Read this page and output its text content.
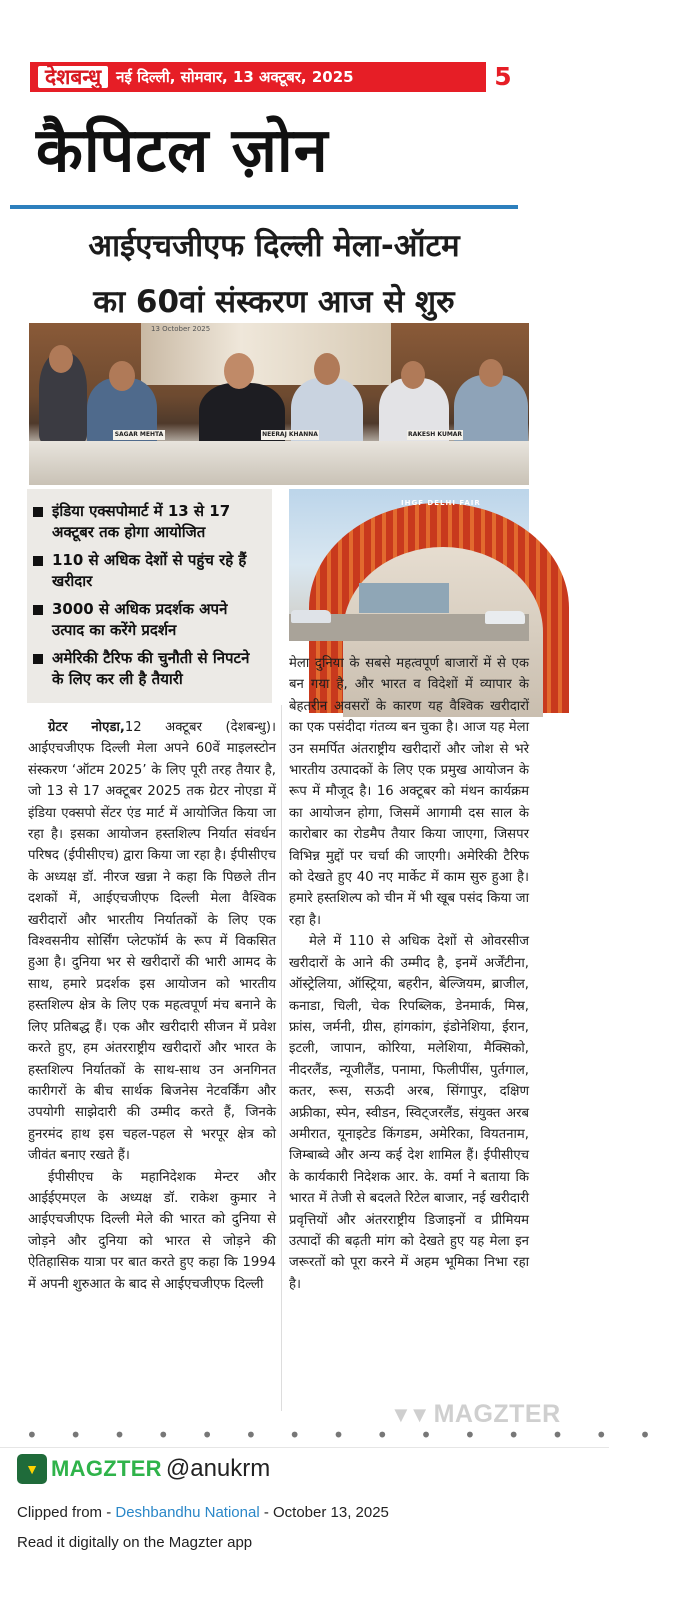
देशबन्धु	नई दिल्ली, सोमवार, 13 अक्टूबर, 2025	5
कैपिटल ज़ोन
आईएचजीएफ दिल्ली मेला-ऑटम
का 60वां संस्करण आज से शुरु
13 October 2025
SAGAR MEHTA	NEERAJ KHANNA	RAKESH KUMAR
इंडिया एक्सपोमार्ट में 13 से 17 अक्टूबर तक होगा आयोजित
110 से अधिक देशों से पहुंच रहे हैं खरीदार
3000 से अधिक प्रदर्शक अपने उत्पाद का करेंगे प्रदर्शन
अमेरिकी टैरिफ की चुनौती से निपटने के लिए कर ली है तैयारी
IHGF DELHI FAIR

ग्रेटर नोएडा,12 अक्टूबर (देशबन्धु)। आईएचजीएफ दिल्ली मेला अपने 60वें माइलस्टोन संस्करण ‘ऑटम 2025’ के लिए पूरी तरह तैयार है, जो 13 से 17 अक्टूबर 2025 तक ग्रेटर नोएडा में इंडिया एक्सपो सेंटर एंड मार्ट में आयोजित किया जा रहा है। इसका आयोजन हस्तशिल्प निर्यात संवर्धन परिषद (ईपीसीएच) द्वारा किया जा रहा है। ईपीसीएच के अध्यक्ष डॉ. नीरज खन्ना ने कहा कि पिछले तीन दशकों में, आईएचजीएफ दिल्ली मेला वैश्विक खरीदारों और भारतीय निर्यातकों के लिए एक विश्वसनीय सोर्सिंग प्लेटफॉर्म के रूप में विकसित हुआ है। दुनिया भर से खरीदारों की भारी आमद के साथ, हमारे प्रदर्शक इस आयोजन को भारतीय हस्तशिल्प क्षेत्र के लिए एक महत्वपूर्ण मंच बनाने के लिए प्रतिबद्ध हैं। एक और खरीदारी सीजन में प्रवेश करते हुए, हम अंतरराष्ट्रीय खरीदारों और भारत के हस्तशिल्प निर्यातकों के साथ-साथ उन अनगिनत कारीगरों के बीच सार्थक बिजनेस नेटवर्किंग और उपयोगी साझेदारी की उम्मीद करते हैं, जिनके हुनरमंद हाथ इस चहल-पहल से भरपूर क्षेत्र को जीवंत बनाए रखते हैं।

ईपीसीएच के महानिदेशक मेन्टर और आईईएमएल के अध्यक्ष डॉ. राकेश कुमार ने आईएचजीएफ दिल्ली मेले की भारत को दुनिया से जोड़ने और दुनिया को भारत से जोड़ने की ऐतिहासिक यात्रा पर बात करते हुए कहा कि 1994 में अपनी शुरुआत के बाद से आईएचजीएफ दिल्ली

मेला दुनिया के सबसे महत्वपूर्ण बाजारों में से एक बन गया है, और भारत व विदेशों में व्यापार के बेहतरीन अवसरों के कारण यह वैश्विक खरीदारों का एक पसंदीदा गंतव्य बन चुका है। आज यह मेला उन समर्पित अंतराष्ट्रीय खरीदारों और जोश से भरे भारतीय उत्पादकों के लिए एक प्रमुख आयोजन के रूप में मौजूद है। 16 अक्टूबर को मंथन कार्यक्रम का आयोजन होगा, जिसमें आगामी दस साल के कारोबार का रोडमैप तैयार किया जाएगा, जिसपर विभिन्न मुद्दों पर चर्चा की जाएगी। अमेरिकी टैरिफ को देखते हुए 40 नए मार्केट में काम सुरु हुआ है। हमारे हस्तशिल्प को चीन में भी खूब पसंद किया जा रहा है।

मेले में 110 से अधिक देशों से ओवरसीज खरीदारों के आने की उम्मीद है, इनमें अर्जेंटीना, ऑस्ट्रेलिया, ऑस्ट्रिया, बहरीन, बेल्जियम, ब्राजील, कनाडा, चिली, चेक रिपब्लिक, डेनमार्क, मिस्र, फ्रांस, जर्मनी, ग्रीस, हांगकांग, इंडोनेशिया, ईरान, इटली, जापान, कोरिया, मलेशिया, मैक्सिको, नीदरलैंड, न्यूजीलैंड, पनामा, फिलीपींस, पुर्तगाल, कतर, रूस, सऊदी अरब, सिंगापुर, दक्षिण अफ्रीका, स्पेन, स्वीडन, स्विट्जरलैंड, संयुक्त अरब अमीरात, यूनाइटेड किंगडम, अमेरिका, वियतनाम, जिम्बाब्वे और अन्य कई देश शामिल हैं। ईपीसीएच के कार्यकारी निदेशक आर. के. वर्मा ने बताया कि भारत में तेजी से बदलते रिटेल बाजार, नई खरीदारी प्रवृत्तियों और अंतरराष्ट्रीय डिजाइनों व प्रीमियम उत्पादों की बढ़ती मांग को देखते हुए यह मेला इन जरूरतों को पूरा करने में अहम भूमिका निभा रहा है।

•••••••••••••••
▼▼ MAGZTER
▼ MAGZTER @anukrm
Clipped from - Deshbandhu National - October 13, 2025
Read it digitally on the Magzter app
